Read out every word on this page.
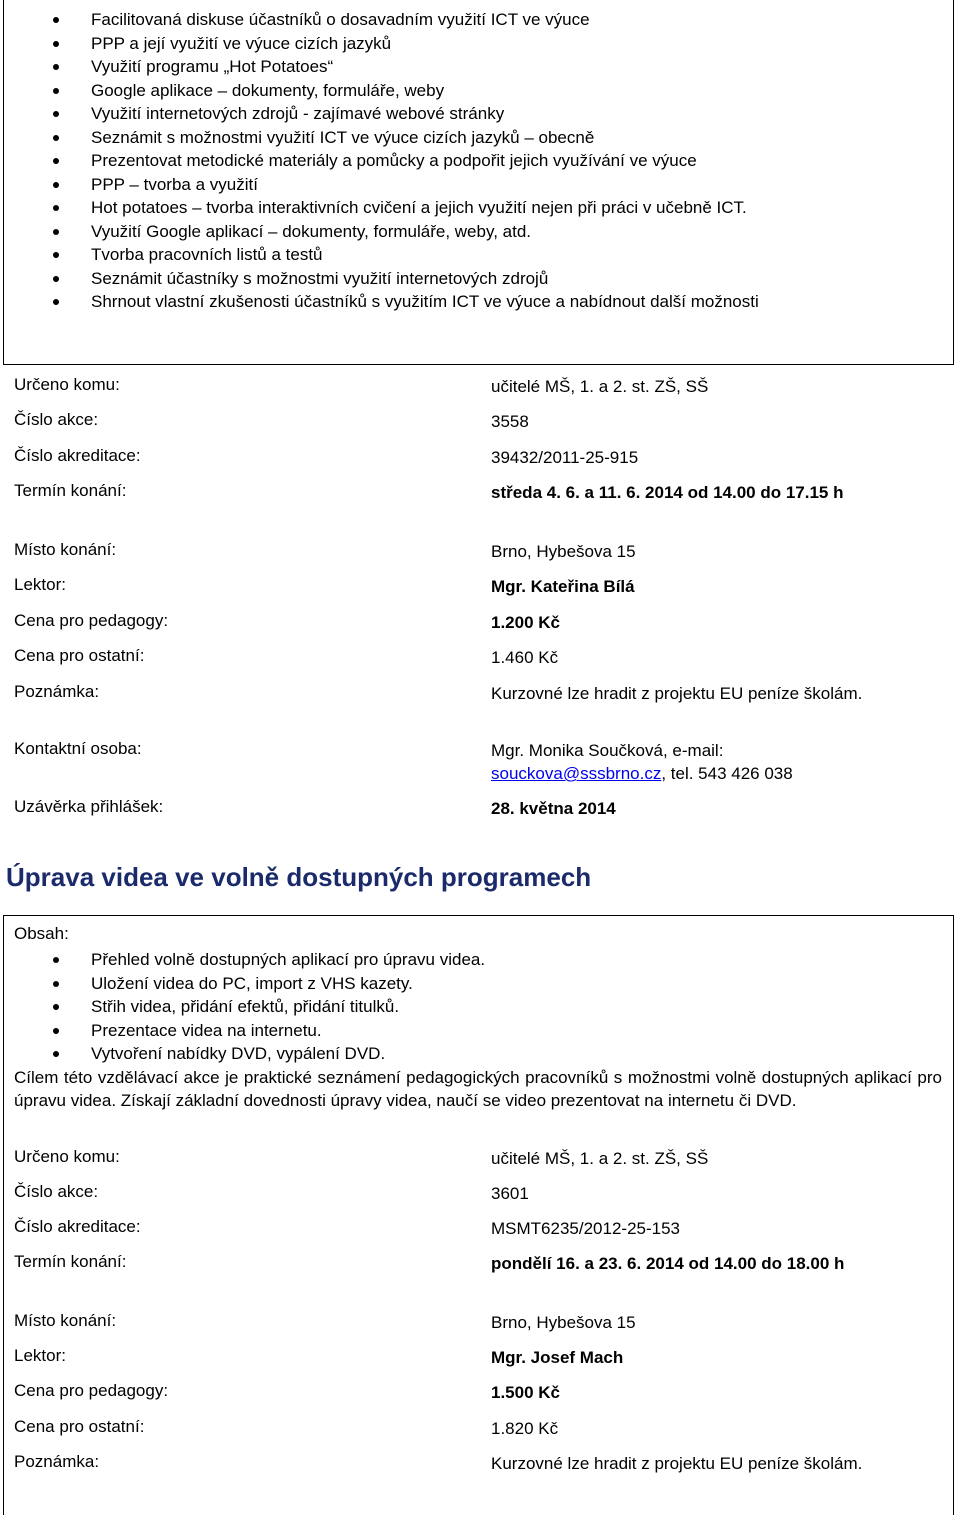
Facilitovaná diskuse účastníků o dosavadním využití ICT ve výuce
PPP a její využití ve výuce cizích jazyků
Využití programu „Hot Potatoes“
Google aplikace – dokumenty, formuláře, weby
Využití internetových zdrojů - zajímavé webové stránky
Seznámit s možnostmi využití ICT ve výuce cizích jazyků – obecně
Prezentovat metodické materiály a pomůcky a podpořit jejich využívání ve výuce
PPP – tvorba a využití
Hot potatoes – tvorba interaktivních cvičení a jejich využití nejen při práci v učebně ICT.
Využití Google aplikací – dokumenty, formuláře, weby, atd.
Tvorba pracovních listů a testů
Seznámit účastníky s možnostmi využití internetových zdrojů
Shrnout vlastní zkušenosti účastníků s využitím ICT ve výuce a nabídnout další možnosti
Určeno komu:	učitelé MŠ, 1. a 2. st. ZŠ, SŠ
Číslo akce:	3558
Číslo akreditace:	39432/2011-25-915
Termín konání:	středa 4. 6. a 11. 6. 2014 od 14.00 do 17.15 h
Místo konání:	Brno, Hybešova 15
Lektor:	Mgr. Kateřina Bílá
Cena pro pedagogy:	1.200 Kč
Cena pro ostatní:	1.460 Kč
Poznámka:	Kurzovné lze hradit z projektu EU peníze školám.
Kontaktní osoba:	Mgr. Monika Součková, e-mail:
souckova@sssbrno.cz, tel. 543 426 038
Uzávěrka přihlášek:	28. května 2014
Úprava videa ve volně dostupných programech
Obsah:
Přehled volně dostupných aplikací pro úpravu videa.
Uložení videa do PC, import z VHS kazety.
Střih videa, přidání efektů, přidání titulků.
Prezentace videa na internetu.
Vytvoření nabídky DVD, vypálení DVD.
Cílem této vzdělávací akce je praktické seznámení pedagogických pracovníků s možnostmi volně dostupných aplikací pro úpravu videa. Získají základní dovednosti úpravy videa, naučí se video prezentovat na internetu či DVD.
Určeno komu:	učitelé MŠ, 1. a 2. st. ZŠ, SŠ
Číslo akce:	3601
Číslo akreditace:	MSMT6235/2012-25-153
Termín konání:	pondělí 16. a 23. 6. 2014 od 14.00 do 18.00 h
Místo konání:	Brno, Hybešova 15
Lektor:	Mgr. Josef Mach
Cena pro pedagogy:	1.500 Kč
Cena pro ostatní:	1.820 Kč
Poznámka:	Kurzovné lze hradit z projektu EU peníze školám.
